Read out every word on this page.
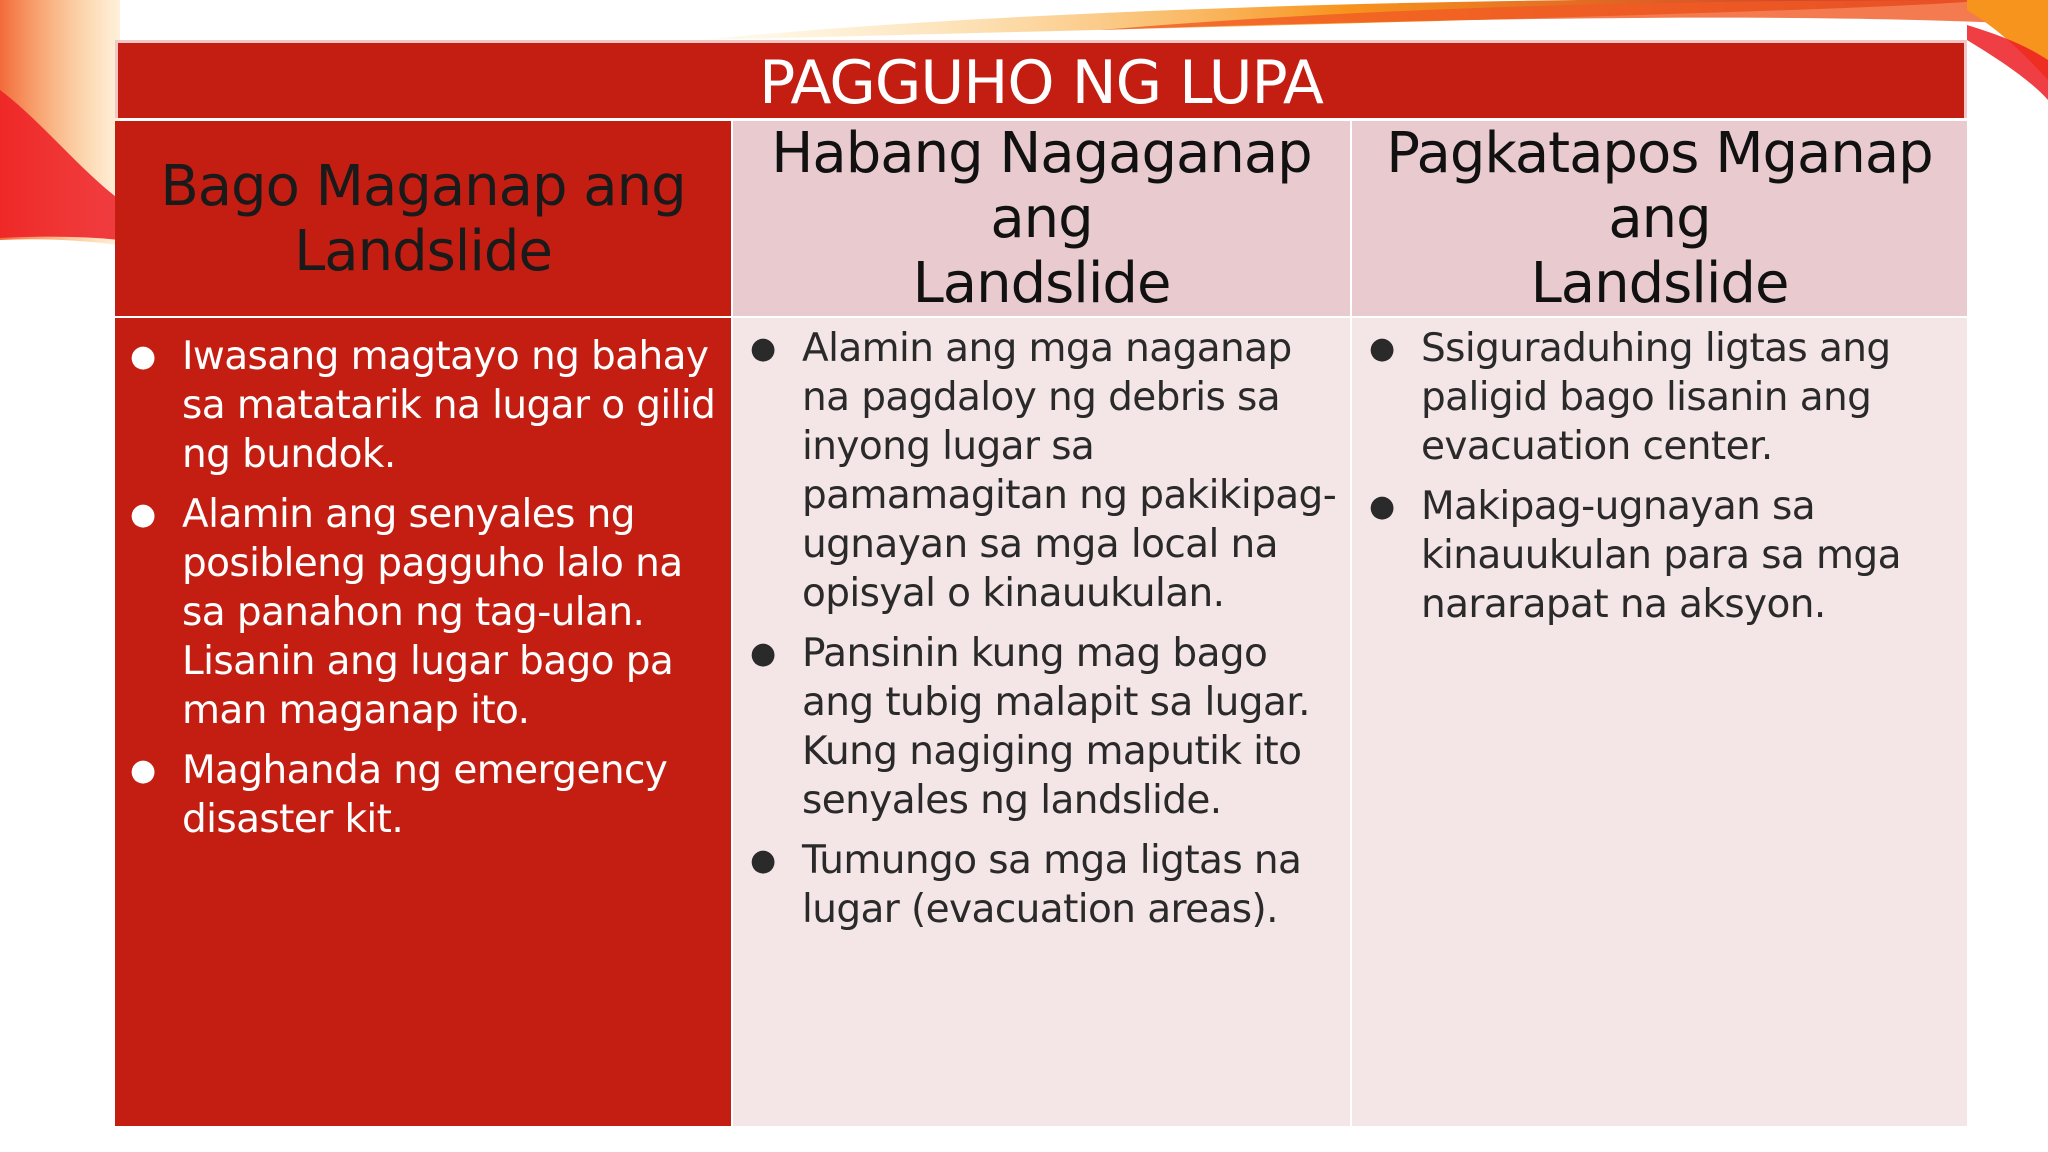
PAGGUHO NG LUPA
Bago Maganap ang
Landslide
Habang Nagaganap ang
Landslide
Pagkatapos Mganap ang
Landslide
● Iwasang magtayo ng bahay sa matatarik na lugar o gilid ng bundok.
● Alamin ang senyales ng posibleng pagguho lalo na sa panahon ng tag-ulan. Lisanin ang lugar bago pa man maganap ito.
● Maghanda ng emergency disaster kit.
● Alamin ang mga naganap na pagdaloy ng debris sa inyong lugar sa pamamagitan ng pakikipag-ugnayan sa mga local na opisyal o kinauukulan.
● Pansinin kung mag bago ang tubig malapit sa lugar. Kung nagiging maputik ito senyales ng landslide.
● Tumungo sa mga ligtas na lugar (evacuation areas).
● Ssiguraduhing ligtas ang paligid bago lisanin ang evacuation center.
● Makipag-ugnayan sa kinauukulan para sa mga nararapat na aksyon.
